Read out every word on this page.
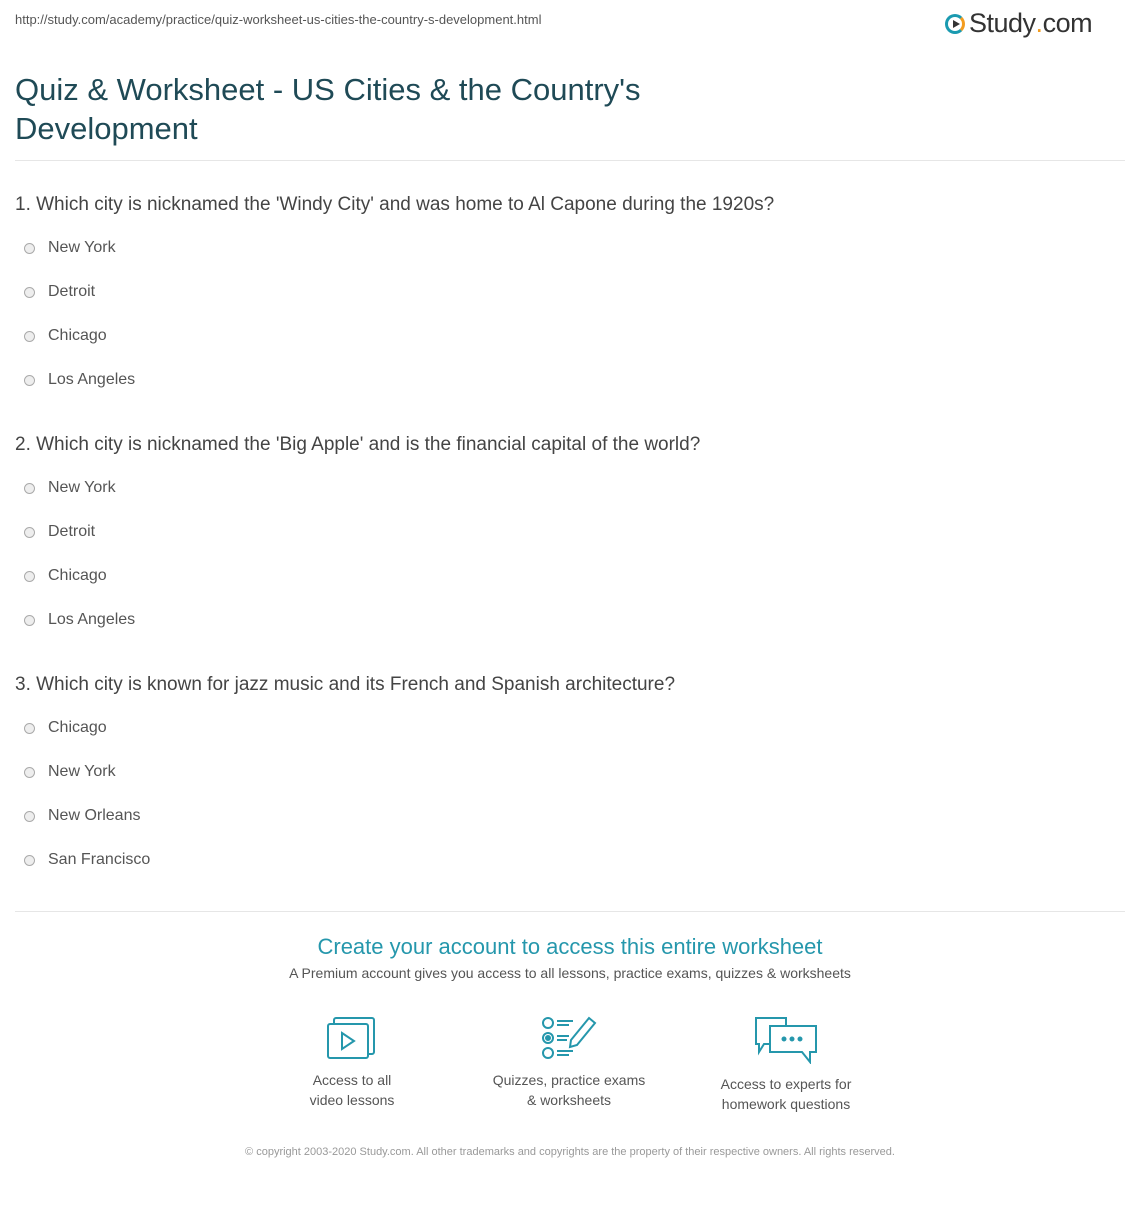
http://study.com/academy/practice/quiz-worksheet-us-cities-the-country-s-development.html	Study . com
Quiz & Worksheet - US Cities & the Country's Development
1. Which city is nicknamed the 'Windy City' and was home to Al Capone during the 1920s?
New York
Detroit
Chicago
Los Angeles
2. Which city is nicknamed the 'Big Apple' and is the financial capital of the world?
New York
Detroit
Chicago
Los Angeles
3. Which city is known for jazz music and its French and Spanish architecture?
Chicago
New York
New Orleans
San Francisco
Create your account to access this entire worksheet
A Premium account gives you access to all lessons, practice exams, quizzes & worksheets
Access to all
video lessons
Quizzes, practice exams
& worksheets
Access to experts for
homework questions
© copyright 2003-2020 Study.com. All other trademarks and copyrights are the property of their respective owners. All rights reserved.
